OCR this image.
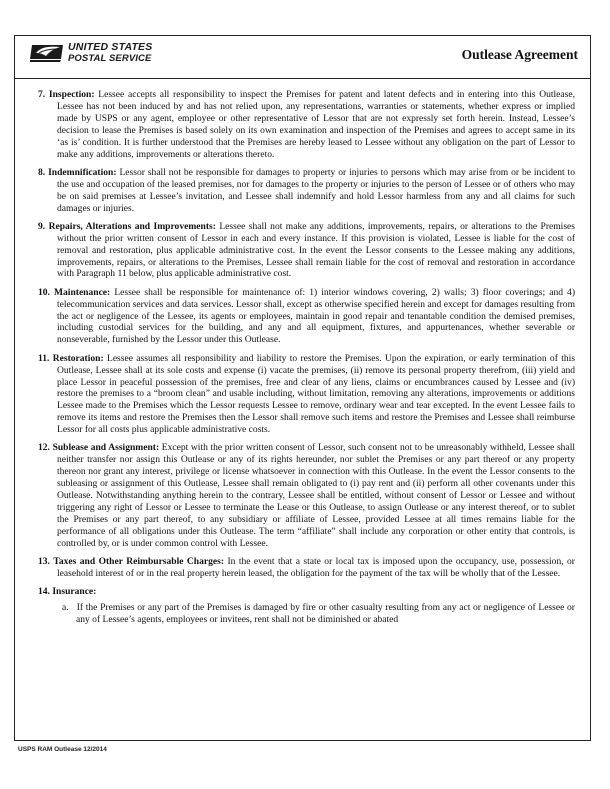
UNITED STATES
POSTAL SERVICE	Outlease Agreement

7. Inspection: Lessee accepts all responsibility to inspect the Premises for patent and latent defects and in entering into this Outlease, Lessee has not been induced by and has not relied upon, any representations, warranties or statements, whether express or implied made by USPS or any agent, employee or other representative of Lessor that are not expressly set forth herein. Instead, Lessee’s decision to lease the Premises is based solely on its own examination and inspection of the Premises and agrees to accept same in its ‘as is’ condition. It is further understood that the Premises are hereby leased to Lessee without any obligation on the part of Lessor to make any additions, improvements or alterations thereto.

8. Indemnification: Lessor shall not be responsible for damages to property or injuries to persons which may arise from or be incident to the use and occupation of the leased premises, nor for damages to the property or injuries to the person of Lessee or of others who may be on said premises at Lessee’s invitation, and Lessee shall indemnify and hold Lessor harmless from any and all claims for such damages or injuries.

9. Repairs, Alterations and Improvements: Lessee shall not make any additions, improvements, repairs, or alterations to the Premises without the prior written consent of Lessor in each and every instance. If this provision is violated, Lessee is liable for the cost of removal and restoration, plus applicable administrative cost. In the event the Lessor consents to the Lessee making any additions, improvements, repairs, or alterations to the Premises, Lessee shall remain liable for the cost of removal and restoration in accordance with Paragraph 11 below, plus applicable administrative cost.

10. Maintenance: Lessee shall be responsible for maintenance of: 1) interior windows covering, 2) walls; 3) floor coverings; and 4) telecommunication services and data services. Lessor shall, except as otherwise specified herein and except for damages resulting from the act or negligence of the Lessee, its agents or employees, maintain in good repair and tenantable condition the demised premises, including custodial services for the building, and any and all equipment, fixtures, and appurtenances, whether severable or nonseverable, furnished by the Lessor under this Outlease.

11. Restoration: Lessee assumes all responsibility and liability to restore the Premises. Upon the expiration, or early termination of this Outlease, Lessee shall at its sole costs and expense (i) vacate the premises, (ii) remove its personal property therefrom, (iii) yield and place Lessor in peaceful possession of the premises, free and clear of any liens, claims or encumbrances caused by Lessee and (iv) restore the premises to a “broom clean” and usable including, without limitation, removing any alterations, improvements or additions Lessee made to the Premises which the Lessor requests Lessee to remove, ordinary wear and tear excepted. In the event Lessee fails to remove its items and restore the Premises then the Lessor shall remove such items and restore the Premises and Lessee shall reimburse Lessor for all costs plus applicable administrative costs.

12. Sublease and Assignment: Except with the prior written consent of Lessor, such consent not to be unreasonably withheld, Lessee shall neither transfer nor assign this Outlease or any of its rights hereunder, nor sublet the Premises or any part thereof or any property thereon nor grant any interest, privilege or license whatsoever in connection with this Outlease. In the event the Lessor consents to the subleasing or assignment of this Outlease, Lessee shall remain obligated to (i) pay rent and (ii) perform all other covenants under this Outlease. Notwithstanding anything herein to the contrary, Lessee shall be entitled, without consent of Lessor or Lessee and without triggering any right of Lessor or Lessee to terminate the Lease or this Outlease, to assign Outlease or any interest thereof, or to sublet the Premises or any part thereof, to any subsidiary or affiliate of Lessee, provided Lessee at all times remains liable for the performance of all obligations under this Outlease. The term “affiliate” shall include any corporation or other entity that controls, is controlled by, or is under common control with Lessee.

13. Taxes and Other Reimbursable Charges: In the event that a state or local tax is imposed upon the occupancy, use, possession, or leasehold interest of or in the real property herein leased, the obligation for the payment of the tax will be wholly that of the Lessee.

14. Insurance:

a. If the Premises or any part of the Premises is damaged by fire or other casualty resulting from any act or negligence of Lessee or any of Lessee’s agents, employees or invitees, rent shall not be diminished or abated

USPS RAM Outlease 12/2014
